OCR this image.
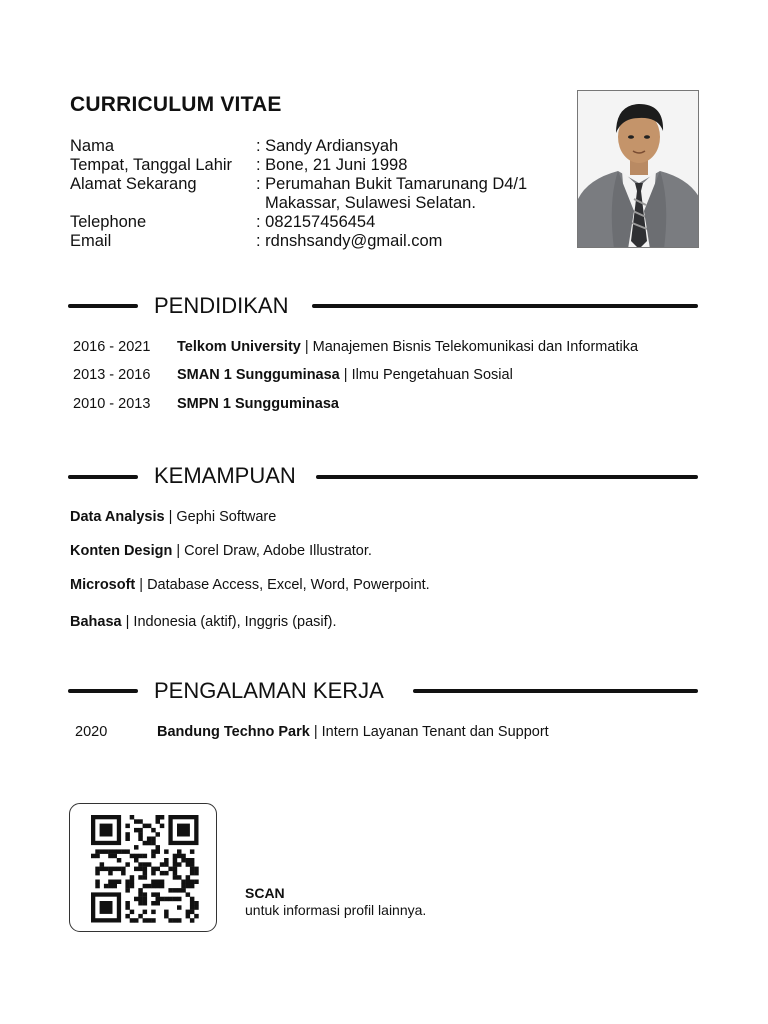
CURRICULUM VITAE
Nama	: Sandy Ardiansyah
Tempat, Tanggal Lahir : Bone, 21 Juni 1998
Alamat Sekarang	: Perumahan Bukit Tamarunang D4/1
Makassar, Sulawesi Selatan.
Telephone	: 082157456454
Email	: rdnshsandy@gmail.com
PENDIDIKAN
2016 - 2021 Telkom University | Manajemen Bisnis Telekomunikasi dan Informatika
2013 - 2016 SMAN 1 Sungguminasa | Ilmu Pengetahuan Sosial
2010 - 2013 SMPN 1 Sungguminasa
KEMAMPUAN
Data Analysis | Gephi Software
Konten Design | Corel Draw, Adobe Illustrator.
Microsoft | Database Access, Excel, Word, Powerpoint.
Bahasa | Indonesia (aktif), Inggris (pasif).
PENGALAMAN KERJA
2020	Bandung Techno Park | Intern Layanan Tenant dan Support
SCAN
untuk informasi profil lainnya.
